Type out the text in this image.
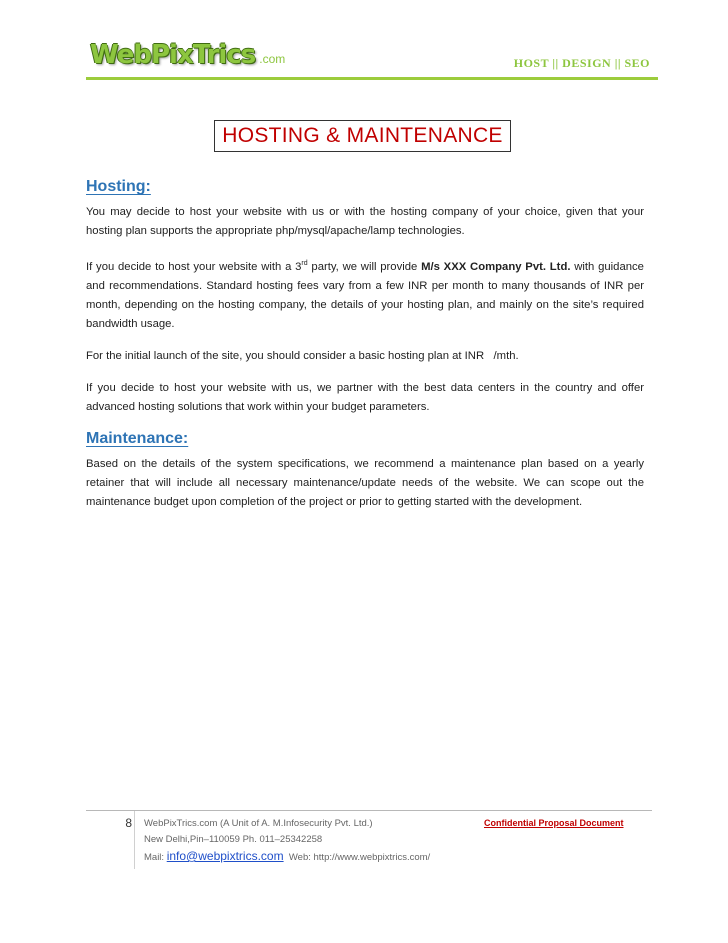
WebPixTrics .com	HOST || DESIGN || SEO
HOSTING & MAINTENANCE
Hosting:

You may decide to host your website with us or with the hosting company of your choice, given that your hosting plan supports the appropriate php/mysql/apache/lamp technologies.

If you decide to host your website with a 3rd party, we will provide M/s XXX Company Pvt. Ltd. with guidance and recommendations. Standard hosting fees vary from a few INR per month to many thousands of INR per month, depending on the hosting company, the details of your hosting plan, and mainly on the site’s required bandwidth usage.

For the initial launch of the site, you should consider a basic hosting plan at INR   /mth.

If you decide to host your website with us, we partner with the best data centers in the country and offer advanced hosting solutions that work within your budget parameters.

Maintenance:

Based on the details of the system specifications, we recommend a maintenance plan based on a yearly retainer that will include all necessary maintenance/update needs of the website. We can scope out the maintenance budget upon completion of the project or prior to getting started with the development.

8	WebPixTrics.com (A Unit of A. M.Infosecurity Pvt. Ltd.)
New Delhi,Pin–110059 Ph. 011–25342258
Mail: info@webpixtrics.com  Web: http://www.webpixtrics.com/
Confidential Proposal Document
